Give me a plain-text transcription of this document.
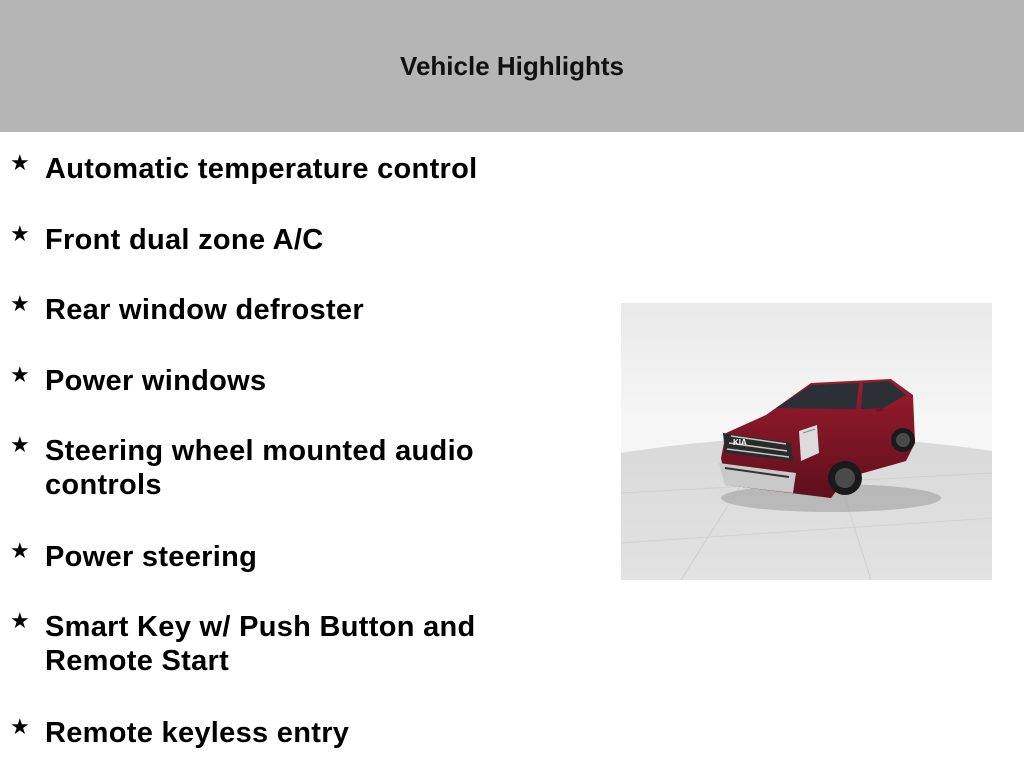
Vehicle Highlights
★ Automatic temperature control
★ Front dual zone A/C
★ Rear window defroster
★ Power windows
★ Steering wheel mounted audio controls
★ Power steering
★ Smart Key w/ Push Button and Remote Start
★ Remote keyless entry
KIA
